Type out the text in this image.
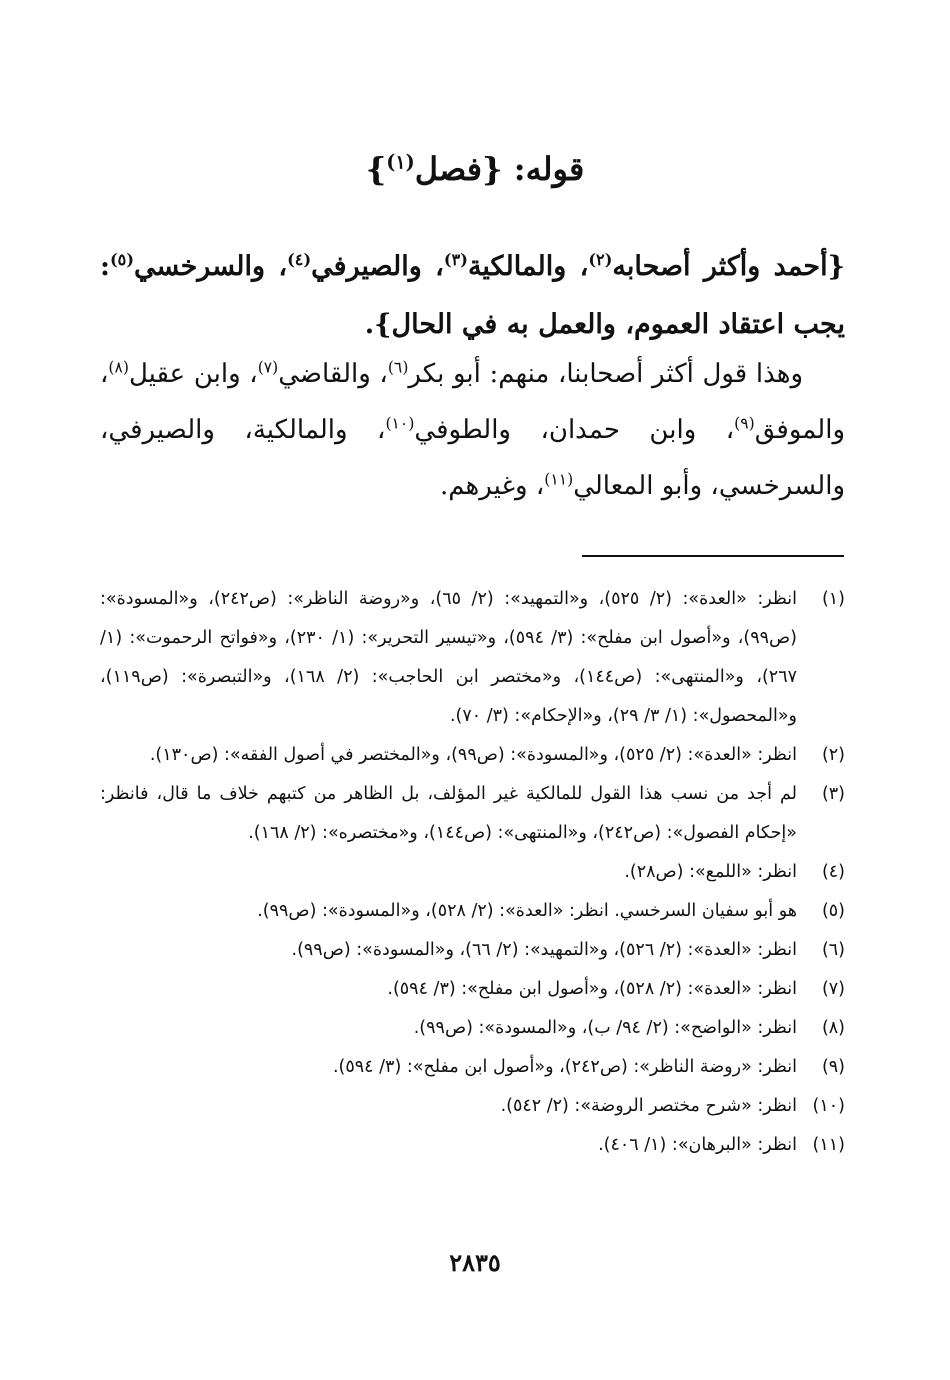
قوله: {فصل$^{(١)}$}
{أحمد وأكثر أصحابه$^{(٢)}$، والمالكية$^{(٣)}$، والصيرفي$^{(٤)}$، والسرخسي$^{(٥)}$: يجب اعتقاد العموم، والعمل به في الحال}.
وهذا قول أكثر أصحابنا، منهم: أبو بكر$^{(٦)}$، والقاضي$^{(٧)}$، وابن عقيل$^{(٨)}$، والموفق$^{(٩)}$، وابن حمدان، والطوفي$^{(١٠)}$، والمالكية، والصيرفي، والسرخسي، وأبو المعالي$^{(١١)}$، وغيرهم.
(١)
انظر: «العدة»: (٢/ ٥٢٥)، و«التمهيد»: (٢/ ٦٥)، و«روضة الناظر»: (ص٢٤٢)، و«المسودة»: (ص٩٩)، و«أصول ابن مفلح»: (٣/ ٥٩٤)، و«تيسير التحرير»: (١/ ٢٣٠)، و«فواتح الرحموت»: (١/ ٢٦٧)، و«المنتهى»: (ص١٤٤)، و«مختصر ابن الحاجب»: (٢/ ١٦٨)، و«التبصرة»: (ص١١٩)، و«المحصول»: (١/ ٣/ ٢٩)، و«الإحكام»: (٣/ ٧٠).
(٢)
انظر: «العدة»: (٢/ ٥٢٥)، و«المسودة»: (ص٩٩)، و«المختصر في أصول الفقه»: (ص١٣٠).
(٣)
لم أجد من نسب هذا القول للمالكية غير المؤلف، بل الظاهر من كتبهم خلاف ما قال، فانظر: «إحكام الفصول»: (ص٢٤٢)، و«المنتهى»: (ص١٤٤)، و«مختصره»: (٢/ ١٦٨).
(٤)
انظر: «اللمع»: (ص٢٨).
(٥)
هو أبو سفيان السرخسي. انظر: «العدة»: (٢/ ٥٢٨)، و«المسودة»: (ص٩٩).
(٦)
انظر: «العدة»: (٢/ ٥٢٦)، و«التمهيد»: (٢/ ٦٦)، و«المسودة»: (ص٩٩).
(٧)
انظر: «العدة»: (٢/ ٥٢٨)، و«أصول ابن مفلح»: (٣/ ٥٩٤).
(٨)
انظر: «الواضح»: (٢/ ٩٤/ ب)، و«المسودة»: (ص٩٩).
(٩)
انظر: «روضة الناظر»: (ص٢٤٢)، و«أصول ابن مفلح»: (٣/ ٥٩٤).
(١٠)
انظر: «شرح مختصر الروضة»: (٢/ ٥٤٢).
(١١)
انظر: «البرهان»: (١/ ٤٠٦).
٢٨٣٥
